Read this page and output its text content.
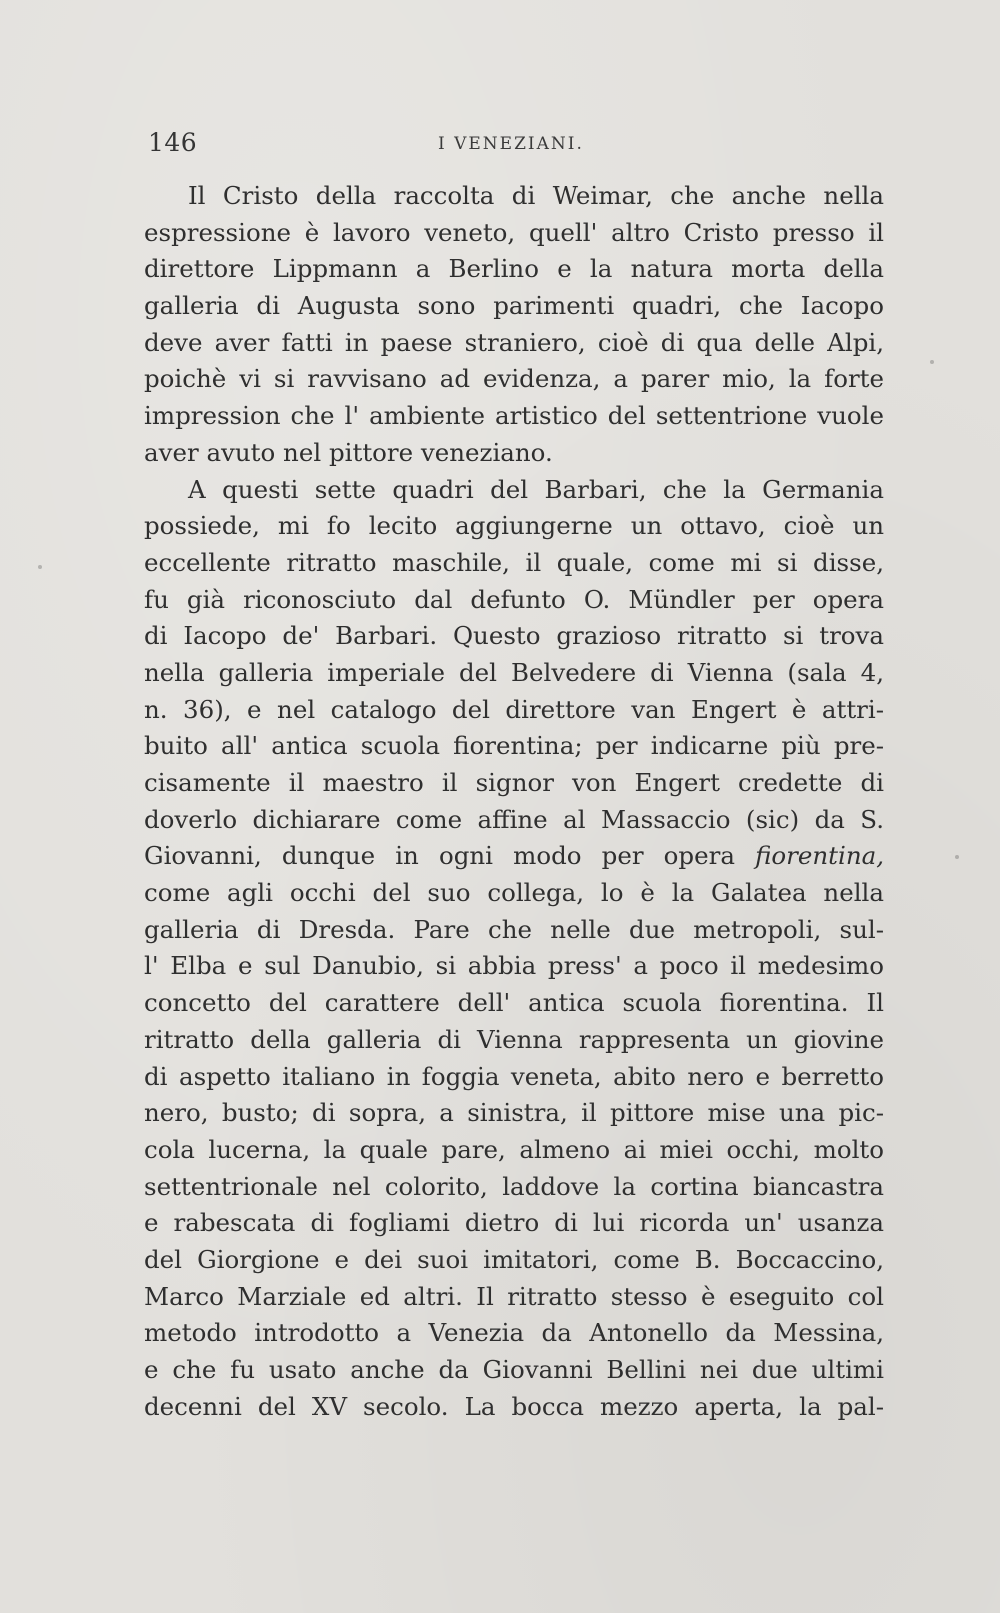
146	I VENEZIANI.
Il Cristo della raccolta di Weimar, che anche nella
espressione è lavoro veneto, quell' altro Cristo presso il
direttore Lippmann a Berlino e la natura morta della
galleria di Augusta sono parimenti quadri, che Iacopo
deve aver fatti in paese straniero, cioè di qua delle Alpi,
poichè vi si ravvisano ad evidenza, a parer mio, la forte
impression che l' ambiente artistico del settentrione vuole
aver avuto nel pittore veneziano.
A questi sette quadri del Barbari, che la Germania
possiede, mi fo lecito aggiungerne un ottavo, cioè un
eccellente ritratto maschile, il quale, come mi si disse,
fu già riconosciuto dal defunto O. Mündler per opera
di Iacopo de' Barbari. Questo grazioso ritratto si trova
nella galleria imperiale del Belvedere di Vienna (sala 4,
n. 36), e nel catalogo del direttore van Engert è attri-
buito all' antica scuola fiorentina; per indicarne più pre-
cisamente il maestro il signor von Engert credette di
doverlo dichiarare come affine al Massaccio (sic) da S.
Giovanni, dunque in ogni modo per opera fiorentina,
come agli occhi del suo collega, lo è la Galatea nella
galleria di Dresda. Pare che nelle due metropoli, sul-
l' Elba e sul Danubio, si abbia press' a poco il medesimo
concetto del carattere dell' antica scuola fiorentina. Il
ritratto della galleria di Vienna rappresenta un giovine
di aspetto italiano in foggia veneta, abito nero e berretto
nero, busto; di sopra, a sinistra, il pittore mise una pic-
cola lucerna, la quale pare, almeno ai miei occhi, molto
settentrionale nel colorito, laddove la cortina biancastra
e rabescata di fogliami dietro di lui ricorda un' usanza
del Giorgione e dei suoi imitatori, come B. Boccaccino,
Marco Marziale ed altri. Il ritratto stesso è eseguito col
metodo introdotto a Venezia da Antonello da Messina,
e che fu usato anche da Giovanni Bellini nei due ultimi
decenni del XV secolo. La bocca mezzo aperta, la pal-
